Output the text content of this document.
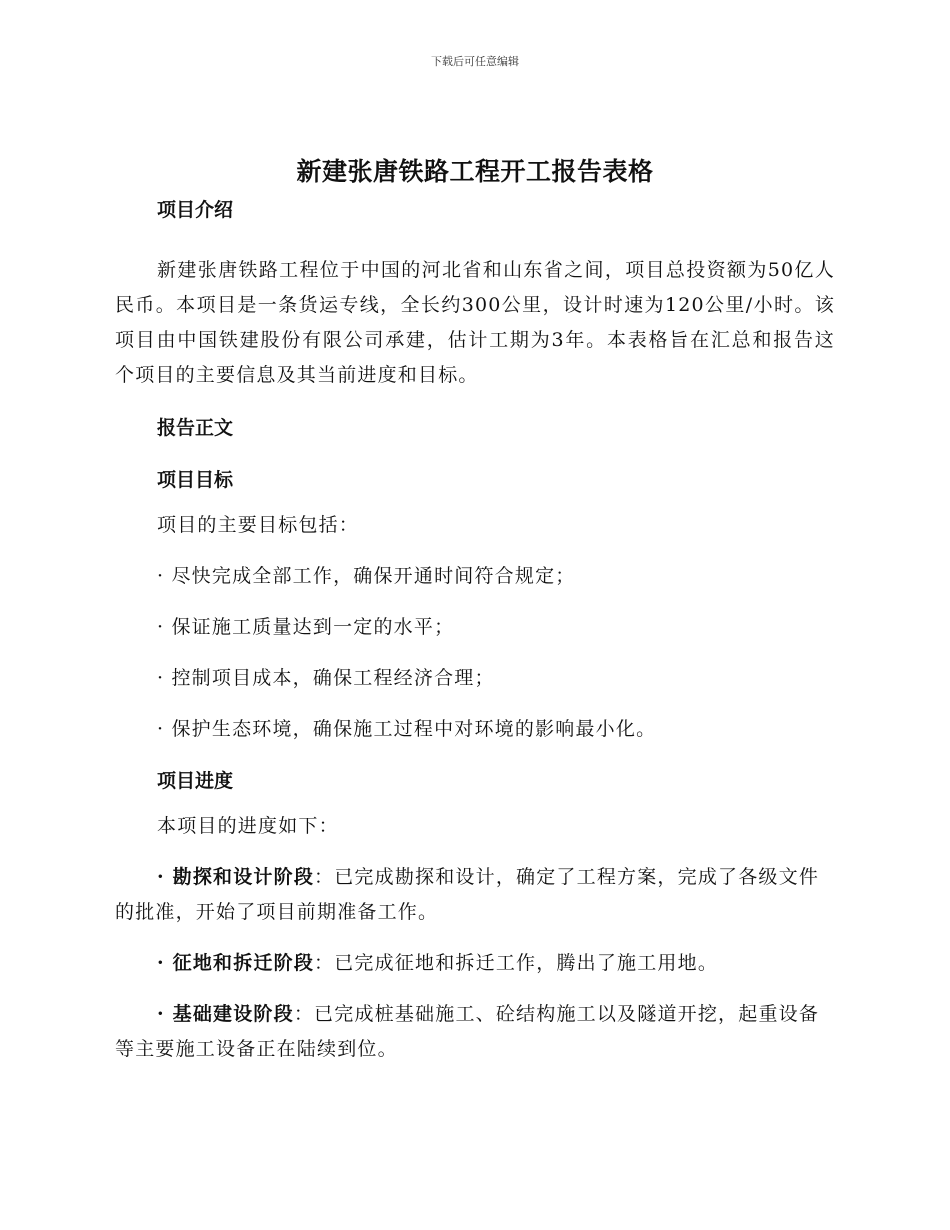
下载后可任意编辑
新建张唐铁路工程开工报告表格
项目介绍
新建张唐铁路工程位于中国的河北省和山东省之间，项目总投资额为50亿人民币。本项目是一条货运专线，全长约300公里，设计时速为120公里/小时。该项目由中国铁建股份有限公司承建，估计工期为3年。本表格旨在汇总和报告这个项目的主要信息及其当前进度和目标。
报告正文
项目目标
项目的主要目标包括：
· 尽快完成全部工作，确保开通时间符合规定；
· 保证施工质量达到一定的水平；
· 控制项目成本，确保工程经济合理；
· 保护生态环境，确保施工过程中对环境的影响最小化。
项目进度
本项目的进度如下：
· 勘探和设计阶段：已完成勘探和设计，确定了工程方案，完成了各级文件的批准，开始了项目前期准备工作。
· 征地和拆迁阶段：已完成征地和拆迁工作，腾出了施工用地。
· 基础建设阶段：已完成桩基础施工、砼结构施工以及隧道开挖，起重设备等主要施工设备正在陆续到位。
